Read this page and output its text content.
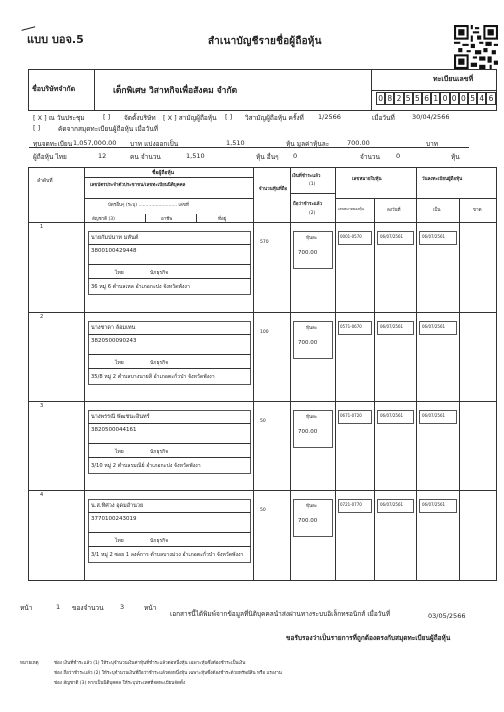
แบบ บอจ.5	สำเนาบัญชีรายชื่อผู้ถือหุ้น
ชื่อบริษัทจำกัด	เด็กพิเศษ วิสาหกิจเพื่อสังคม จำกัด
ทะเบียนเลขที่
0 8 2 5 5 6 1 0 0 0 5 4 6
[ X ] ณ วันประชุม	[ ] จัดตั้งบริษัท [ X ] สามัญผู้ถือหุ้น [ ] วิสามัญผู้ถือหุ้น ครั้งที่ 1/2566	เมื่อวันที่	30/04/2566
[ ]	คัดจากสมุดทะเบียนผู้ถือหุ้น เมื่อวันที่
ทุนจดทะเบียน 1,057,000.00 บาท แบ่งออกเป็น	1,510	หุ้น มูลค่าหุ้นละ	700.00	บาท
ผู้ถือหุ้น ไทย	12	คน จำนวน	1,510	หุ้น อื่นๆ 0	จำนวน 0	หุ้น
ลำดับที่
ชื่อผู้ถือหุ้น
เลขบัตรประจำตัวประชาชน/เลขทะเบียนนิติบุคคล
บัตรอื่นๆ (ระบุ) ........................... เลขที่
สัญชาติ (3)	อาชีพ	ที่อยู่
จำนวนหุ้นที่ถือ
เงินที่ชำระแล้ว
(1)
ถือว่าชำระแล้ว
(2)
เลขหมายใบหุ้น
เลขหมายของหุ้น	ลงวันที่
วันลงทะเบียนผู้ถือหุ้น
เป็น	ขาด
1
นายกัมปนาท มหันต์
3800100429448
ไทย	นักธุรกิจ
36 หมู่ 6 ตำบลเหล อำเภอกะปง จังหวัดพังงา
570
หุ้นละ
700.00
0001-0570	06/07/2561	06/07/2561
2
นางชาดา ล้อมเทน
3820500090243
ไทย	นักธุรกิจ
35/8 หมู่ 2 ตำบลบางนายสี อำเภอตะกั่วป่า จังหวัดพังงา
100
หุ้นละ
700.00
0571-0670	06/07/2561	06/07/2561
3
นางพรรณี พัฒชนะอินทร์
3820500044161
ไทย	นักธุรกิจ
3/10 หมู่ 2 ตำบลรมณีย์ อำเภอกะปง จังหวัดพังงา
50
หุ้นละ
700.00
0671-0720	06/07/2561	06/07/2561
4
น.ส.ทิศวง อุดมอำนวย
3770100243019
ไทย	นักธุรกิจ
3/1 หมู่ 2 ซอย 1 ลงค์การ ตำบลบางม่วง อำเภอตะกั่วป่า จังหวัดพังงา
50
หุ้นละ
700.00
0721-0770	06/07/2561	06/07/2561
หน้า	1 ของจำนวน	3	หน้า
เอกสารนี้ได้พิมพ์จากข้อมูลที่นิติบุคคลนำส่งผ่านทางระบบอิเล็กทรอนิกส์ เมื่อวันที่	03/05/2566
ขอรับรองว่าเป็นรายการที่ถูกต้องตรงกับสมุดทะเบียนผู้ถือหุ้น
หมายเหตุ	ช่อง เงินที่ชำระแล้ว (1) ให้ระบุจำนวนเงินค่าหุ้นที่ชำระแล้วต่อหนึ่งหุ้น เฉพาะหุ้นซึ่งต้องชำระเป็นเงิน
ช่อง ถือว่าชำระแล้ว (2) ให้ระบุจำนวนเงินที่ถือว่าชำระแล้วต่อหนึ่งหุ้น เฉพาะหุ้นซึ่งต้องชำระด้วยทรัพย์สิน หรือ แรงงาน
ช่อง สัญชาติ (3) หากเป็นนิติบุคคล ให้ระบุประเทศที่จดทะเบียนจัดตั้ง
